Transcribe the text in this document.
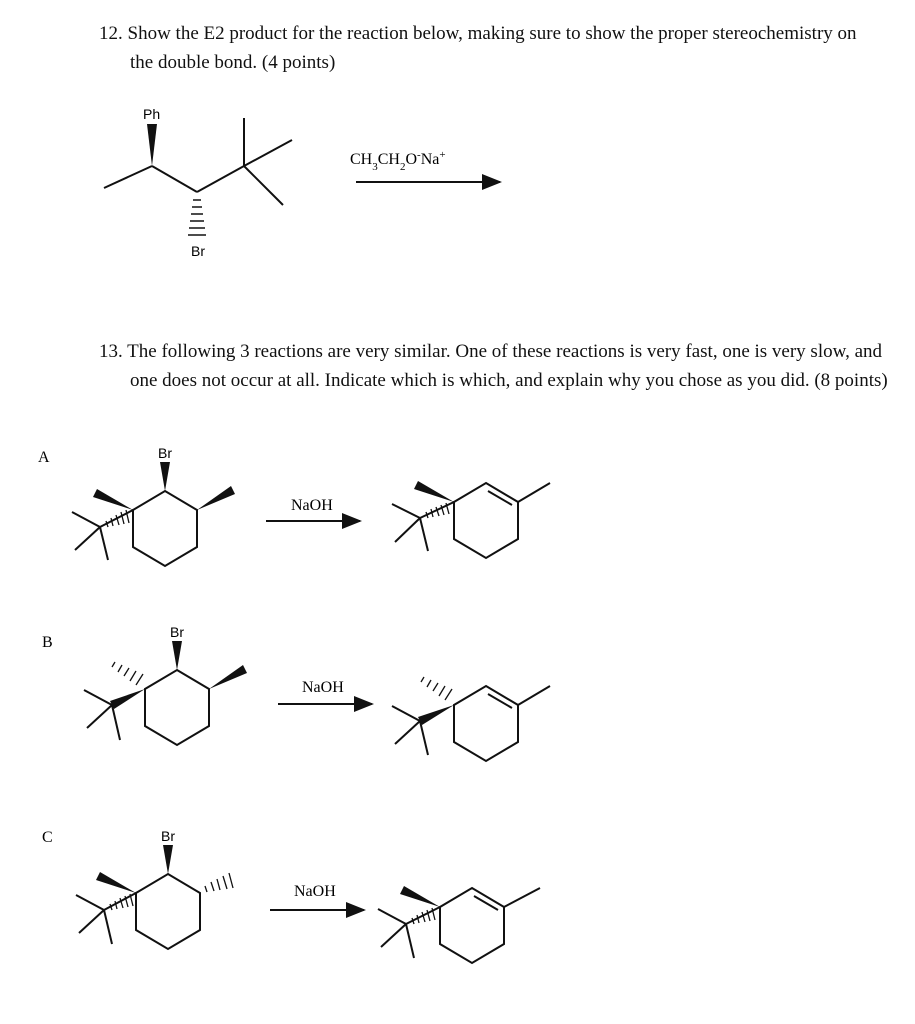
12. Show the E2 product for the reaction below, making sure to show the proper stereochemistry on the double bond. (4 points)

13. The following 3 reactions are very similar. One of these reactions is very fast, one is very slow, and one does not occur at all. Indicate which is which, and explain why you chose as you did. (8 points)

Ph
Br
$CH_3CH_2O^-Na^+$
A	Br
NaOH
B
Br
NaOH
C	Br
NaOH
